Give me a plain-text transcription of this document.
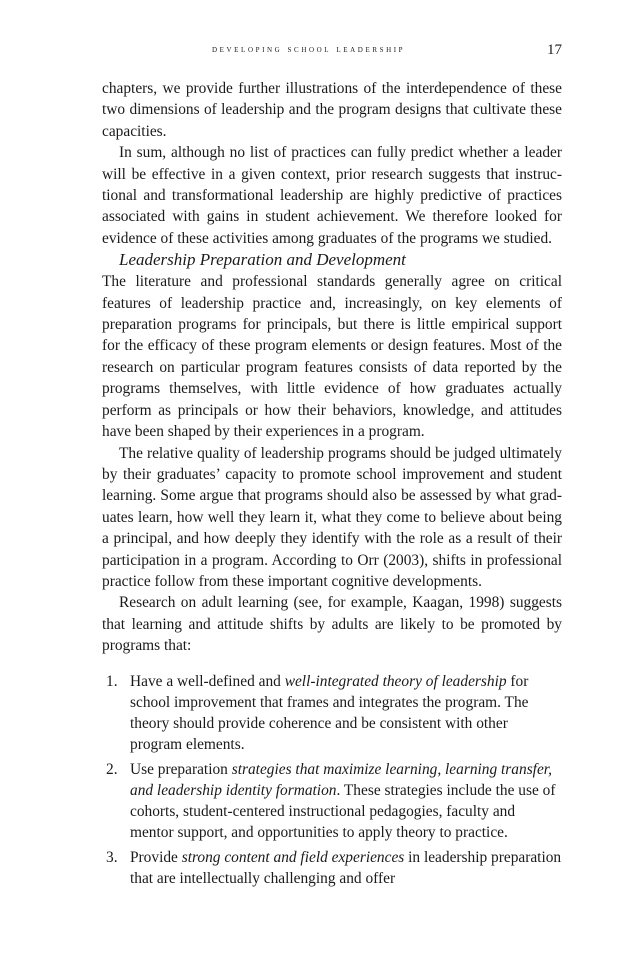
developing school leadership	17

chapters, we provide further illustrations of the interdependence of these two dimensions of leadership and the program designs that cultivate these capacities.

In sum, although no list of practices can fully predict whether a leader will be effective in a given context, prior research suggests that instructional and transformational leadership are highly predictive of practices associated with gains in student achievement. We therefore looked for evidence of these activities among graduates of the programs we studied.

Leadership Preparation and Development

The literature and professional standards generally agree on critical features of leadership practice and, increasingly, on key elements of preparation programs for principals, but there is little empirical support for the efficacy of these program elements or design features. Most of the research on particular program features consists of data reported by the programs themselves, with little evidence of how graduates actually perform as principals or how their behaviors, knowledge, and attitudes have been shaped by their experiences in a program.

The relative quality of leadership programs should be judged ultimately by their graduates’ capacity to promote school improvement and student learning. Some argue that programs should also be assessed by what graduates learn, how well they learn it, what they come to believe about being a principal, and how deeply they identify with the role as a result of their participation in a program. According to Orr (2003), shifts in professional practice follow from these important cognitive developments.

Research on adult learning (see, for example, Kaagan, 1998) suggests that learning and attitude shifts by adults are likely to be promoted by programs that:

1. Have a well-defined and well-integrated theory of leadership for school improvement that frames and integrates the program. The theory should provide coherence and be consistent with other program elements.
2. Use preparation strategies that maximize learning, learning transfer, and leadership identity formation. These strategies include the use of cohorts, student-centered instructional pedagogies, faculty and mentor support, and opportunities to apply theory to practice.
3. Provide strong content and field experiences in leadership preparation that are intellectually challenging and offer
